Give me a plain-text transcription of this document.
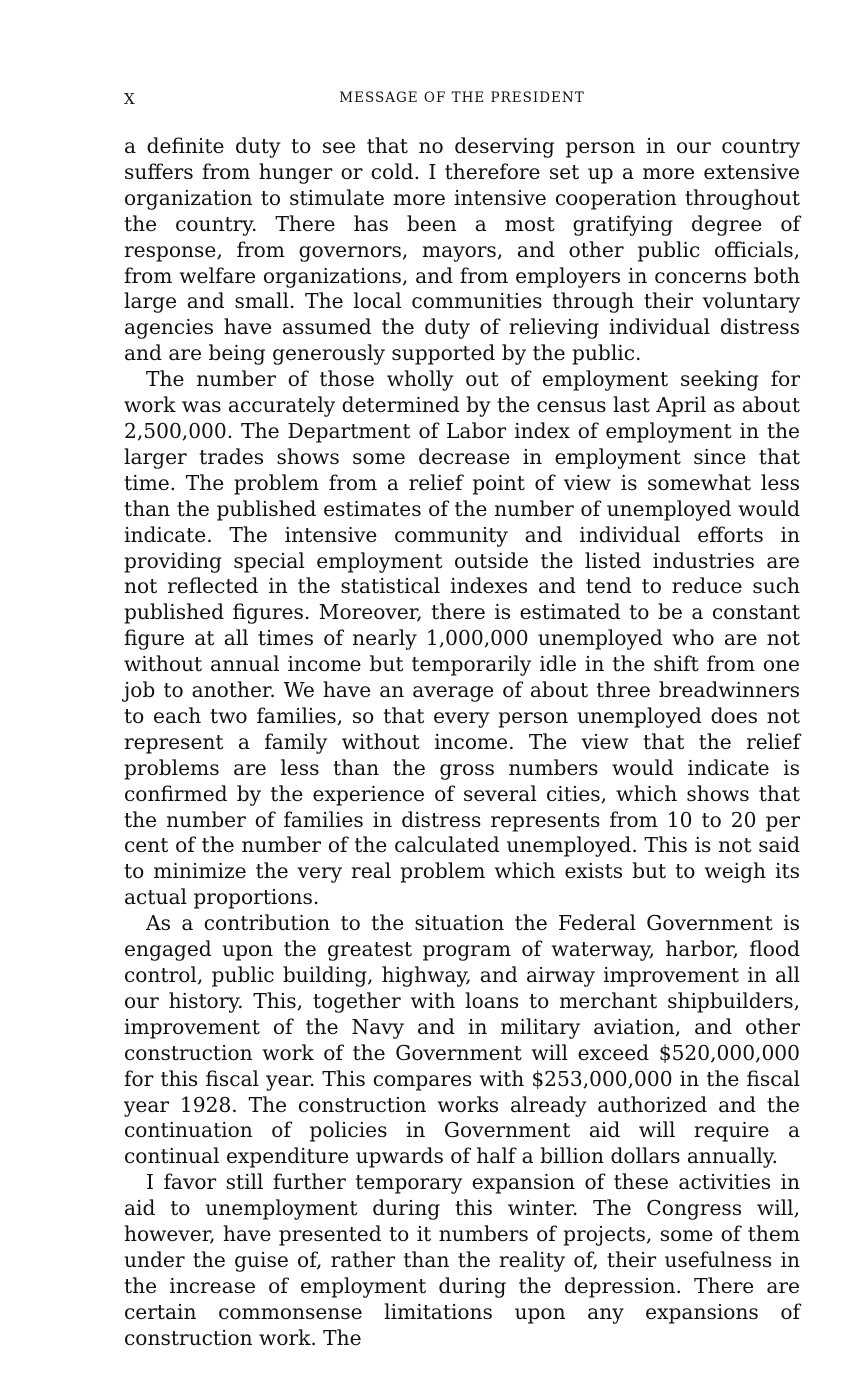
X	MESSAGE OF THE PRESIDENT

a definite duty to see that no deserving person in our country suffers from hunger or cold. I therefore set up a more extensive organization to stimulate more intensive cooperation throughout the country. There has been a most gratifying degree of response, from governors, mayors, and other public officials, from welfare organizations, and from employers in concerns both large and small. The local communities through their voluntary agencies have assumed the duty of relieving individual distress and are being generously supported by the public.

The number of those wholly out of employment seeking for work was accurately determined by the census last April as about 2,500,000. The Department of Labor index of employment in the larger trades shows some decrease in employment since that time. The problem from a relief point of view is somewhat less than the published estimates of the number of unemployed would indicate. The intensive community and individual efforts in providing special employment outside the listed industries are not reflected in the statistical indexes and tend to reduce such published figures. Moreover, there is estimated to be a constant figure at all times of nearly 1,000,000 unemployed who are not without annual income but temporarily idle in the shift from one job to another. We have an average of about three breadwinners to each two families, so that every person unemployed does not represent a family without income. The view that the relief problems are less than the gross numbers would indicate is confirmed by the experience of several cities, which shows that the number of families in distress represents from 10 to 20 per cent of the number of the calculated unemployed. This is not said to minimize the very real problem which exists but to weigh its actual proportions.

As a contribution to the situation the Federal Government is engaged upon the greatest program of waterway, harbor, flood control, public building, highway, and airway improvement in all our history. This, together with loans to merchant shipbuilders, improvement of the Navy and in military aviation, and other construction work of the Government will exceed $520,000,000 for this fiscal year. This compares with $253,000,000 in the fiscal year 1928. The construction works already authorized and the continuation of policies in Government aid will require a continual expenditure upwards of half a billion dollars annually.

I favor still further temporary expansion of these activities in aid to unemployment during this winter. The Congress will, however, have presented to it numbers of projects, some of them under the guise of, rather than the reality of, their usefulness in the increase of employment during the depression. There are certain commonsense limitations upon any expansions of construction work. The
